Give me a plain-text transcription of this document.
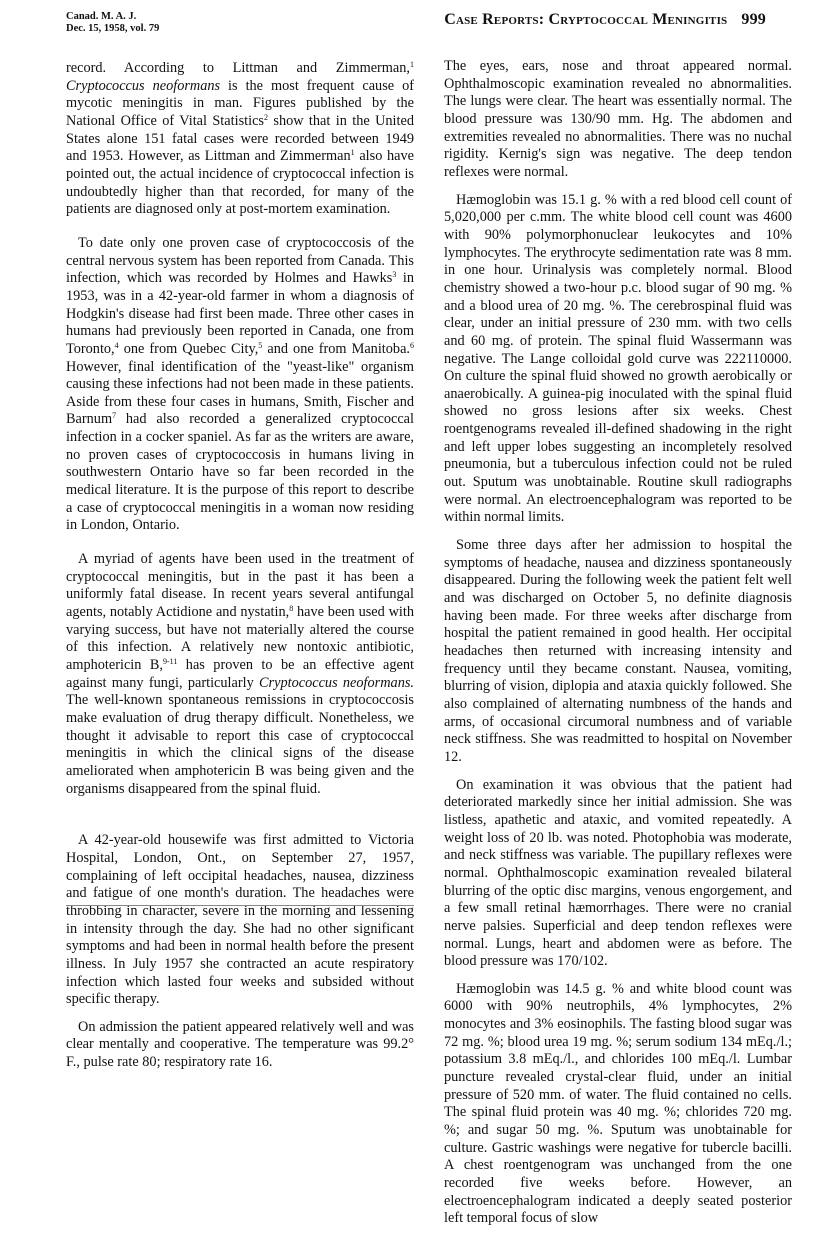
Canad. M. A. J.
Dec. 15, 1958, vol. 79
Case Reports: Cryptococcal Meningitis 999

record. According to Littman and Zimmerman,$^1$ Cryptococcus neoformans is the most frequent cause of mycotic meningitis in man. Figures published by the National Office of Vital Statistics$^2$ show that in the United States alone 151 fatal cases were recorded between 1949 and 1953. However, as Littman and Zimmerman$^1$ also have pointed out, the actual incidence of cryptococcal infection is undoubtedly higher than that recorded, for many of the patients are diagnosed only at post-mortem examination.

To date only one proven case of cryptococcosis of the central nervous system has been reported from Canada. This infection, which was recorded by Holmes and Hawks$^3$ in 1953, was in a 42-year-old farmer in whom a diagnosis of Hodgkin's disease had first been made. Three other cases in humans had previously been reported in Canada, one from Toronto,$^4$ one from Quebec City,$^5$ and one from Manitoba.$^6$ However, final identification of the "yeast-like" organism causing these infections had not been made in these patients. Aside from these four cases in humans, Smith, Fischer and Barnum$^7$ had also recorded a generalized cryptococcal infection in a cocker spaniel. As far as the writers are aware, no proven cases of cryptococcosis in humans living in southwestern Ontario have so far been recorded in the medical literature. It is the purpose of this report to describe a case of cryptococcal meningitis in a woman now residing in London, Ontario.

A myriad of agents have been used in the treatment of cryptococcal meningitis, but in the past it has been a uniformly fatal disease. In recent years several antifungal agents, notably Actidione and nystatin,$^8$ have been used with varying success, but have not materially altered the course of this infection. A relatively new nontoxic antibiotic, amphotericin B,$^{9-11}$ has proven to be an effective agent against many fungi, particularly Cryptococcus neoformans. The well-known spontaneous remissions in cryptococcosis make evaluation of drug therapy difficult. Nonetheless, we thought it advisable to report this case of cryptococcal meningitis in which the clinical signs of the disease ameliorated when amphotericin B was being given and the organisms disappeared from the spinal fluid.

A 42-year-old housewife was first admitted to Victoria Hospital, London, Ont., on September 27, 1957, complaining of left occipital headaches, nausea, dizziness and fatigue of one month's duration. The headaches were throbbing in character, severe in the morning and lessening in intensity through the day. She had no other significant symptoms and had been in normal health before the present illness. In July 1957 she contracted an acute respiratory infection which lasted four weeks and subsided without specific therapy.

On admission the patient appeared relatively well and was clear mentally and cooperative. The temperature was 99.2° F., pulse rate 80; respiratory rate 16.

The eyes, ears, nose and throat appeared normal. Ophthalmoscopic examination revealed no abnormalities. The lungs were clear. The heart was essentially normal. The blood pressure was 130/90 mm. Hg. The abdomen and extremities revealed no abnormalities. There was no nuchal rigidity. Kernig's sign was negative. The deep tendon reflexes were normal.

Hæmoglobin was 15.1 g. % with a red blood cell count of 5,020,000 per c.mm. The white blood cell count was 4600 with 90% polymorphonuclear leukocytes and 10% lymphocytes. The erythrocyte sedimentation rate was 8 mm. in one hour. Urinalysis was completely normal. Blood chemistry showed a two-hour p.c. blood sugar of 90 mg. % and a blood urea of 20 mg. %. The cerebrospinal fluid was clear, under an initial pressure of 230 mm. with two cells and 60 mg. of protein. The spinal fluid Wassermann was negative. The Lange colloidal gold curve was 222110000. On culture the spinal fluid showed no growth aerobically or anaerobically. A guinea-pig inoculated with the spinal fluid showed no gross lesions after six weeks. Chest roentgenograms revealed ill-defined shadowing in the right and left upper lobes suggesting an incompletely resolved pneumonia, but a tuberculous infection could not be ruled out. Sputum was unobtainable. Routine skull radiographs were normal. An electroencephalogram was reported to be within normal limits.

Some three days after her admission to hospital the symptoms of headache, nausea and dizziness spontaneously disappeared. During the following week the patient felt well and was discharged on October 5, no definite diagnosis having been made. For three weeks after discharge from hospital the patient remained in good health. Her occipital headaches then returned with increasing intensity and frequency until they became constant. Nausea, vomiting, blurring of vision, diplopia and ataxia quickly followed. She also complained of alternating numbness of the hands and arms, of occasional circumoral numbness and of variable neck stiffness. She was readmitted to hospital on November 12.

On examination it was obvious that the patient had deteriorated markedly since her initial admission. She was listless, apathetic and ataxic, and vomited repeatedly. A weight loss of 20 lb. was noted. Photophobia was moderate, and neck stiffness was variable. The pupillary reflexes were normal. Ophthalmoscopic examination revealed bilateral blurring of the optic disc margins, venous engorgement, and a few small retinal hæmorrhages. There were no cranial nerve palsies. Superficial and deep tendon reflexes were normal. Lungs, heart and abdomen were as before. The blood pressure was 170/102.

Hæmoglobin was 14.5 g. % and white blood count was 6000 with 90% neutrophils, 4% lymphocytes, 2% monocytes and 3% eosinophils. The fasting blood sugar was 72 mg. %; blood urea 19 mg. %; serum sodium 134 mEq./l.; potassium 3.8 mEq./l., and chlorides 100 mEq./l. Lumbar puncture revealed crystal-clear fluid, under an initial pressure of 520 mm. of water. The fluid contained no cells. The spinal fluid protein was 40 mg. %; chlorides 720 mg. %; and sugar 50 mg. %. Sputum was unobtainable for culture. Gastric washings were negative for tubercle bacilli. A chest roentgenogram was unchanged from the one recorded five weeks before. However, an electroencephalogram indicated a deeply seated posterior left temporal focus of slow
